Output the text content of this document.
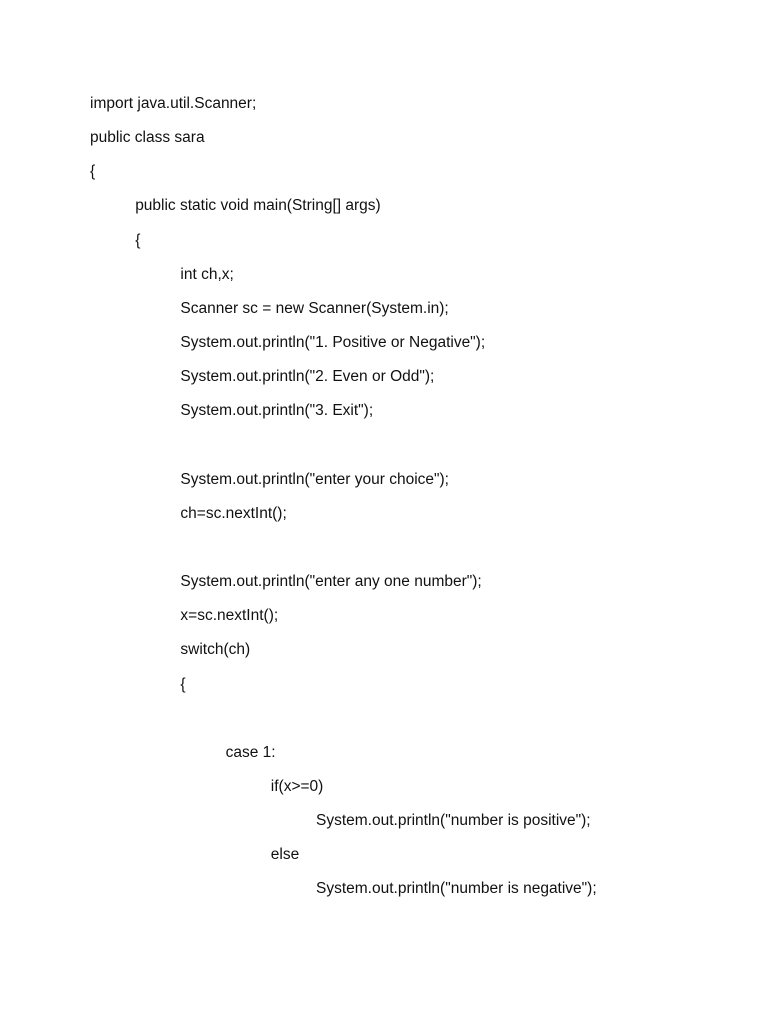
import java.util.Scanner;
public class sara
{
public static void main(String[] args)
{
int ch,x;
Scanner sc = new Scanner(System.in);
System.out.println("1. Positive or Negative");
System.out.println("2. Even or Odd");
System.out.println("3. Exit");
System.out.println("enter your choice");
ch=sc.nextInt();
System.out.println("enter any one number");
x=sc.nextInt();
switch(ch)
{
case 1:
if(x>=0)
System.out.println("number is positive");
else
System.out.println("number is negative");
